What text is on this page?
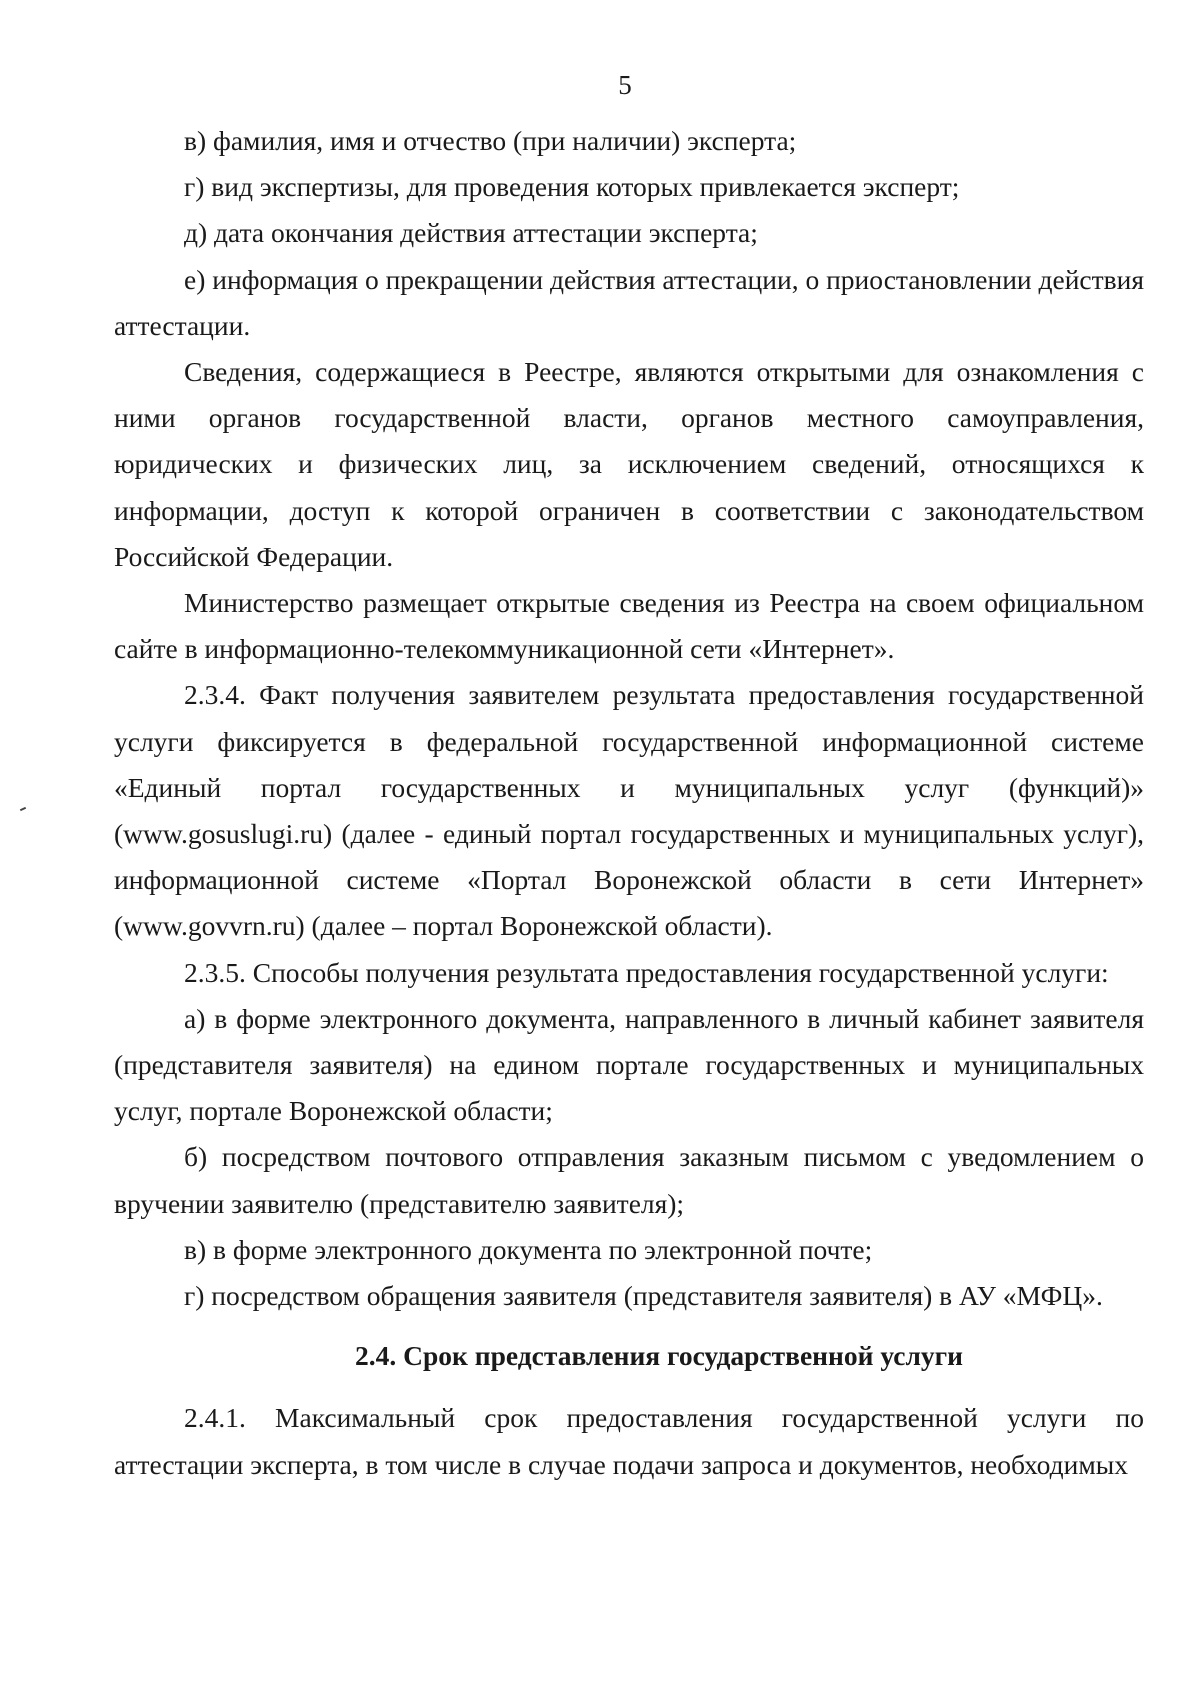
5

в) фамилия, имя и отчество (при наличии) эксперта;

г) вид экспертизы, для проведения которых привлекается эксперт;

д) дата окончания действия аттестации эксперта;

е) информация о прекращении действия аттестации, о приостановлении действия аттестации.

Сведения, содержащиеся в Реестре, являются открытыми для ознакомления с ними органов государственной власти, органов местного самоуправления, юридических и физических лиц, за исключением сведений, относящихся к информации, доступ к которой ограничен в соответствии с законодательством Российской Федерации.

Министерство размещает открытые сведения из Реестра на своем официальном сайте в информационно-телекоммуникационной сети «Интернет».

2.3.4. Факт получения заявителем результата предоставления государственной услуги фиксируется в федеральной государственной информационной системе «Единый портал государственных и муниципальных услуг (функций)» (www.gosuslugi.ru) (далее - единый портал государственных и муниципальных услуг), информационной системе «Портал Воронежской области в сети Интернет» (www.govvrn.ru) (далее – портал Воронежской области).

2.3.5. Способы получения результата предоставления государственной услуги:

а) в форме электронного документа, направленного в личный кабинет заявителя (представителя заявителя) на едином портале государственных и муниципальных услуг, портале Воронежской области;

б) посредством почтового отправления заказным письмом с уведомлением о вручении заявителю (представителю заявителя);

в) в форме электронного документа по электронной почте;

г) посредством обращения заявителя (представителя заявителя) в АУ «МФЦ».

2.4. Срок представления государственной услуги

2.4.1. Максимальный срок предоставления государственной услуги по аттестации эксперта, в том числе в случае подачи запроса и документов, необходимых
